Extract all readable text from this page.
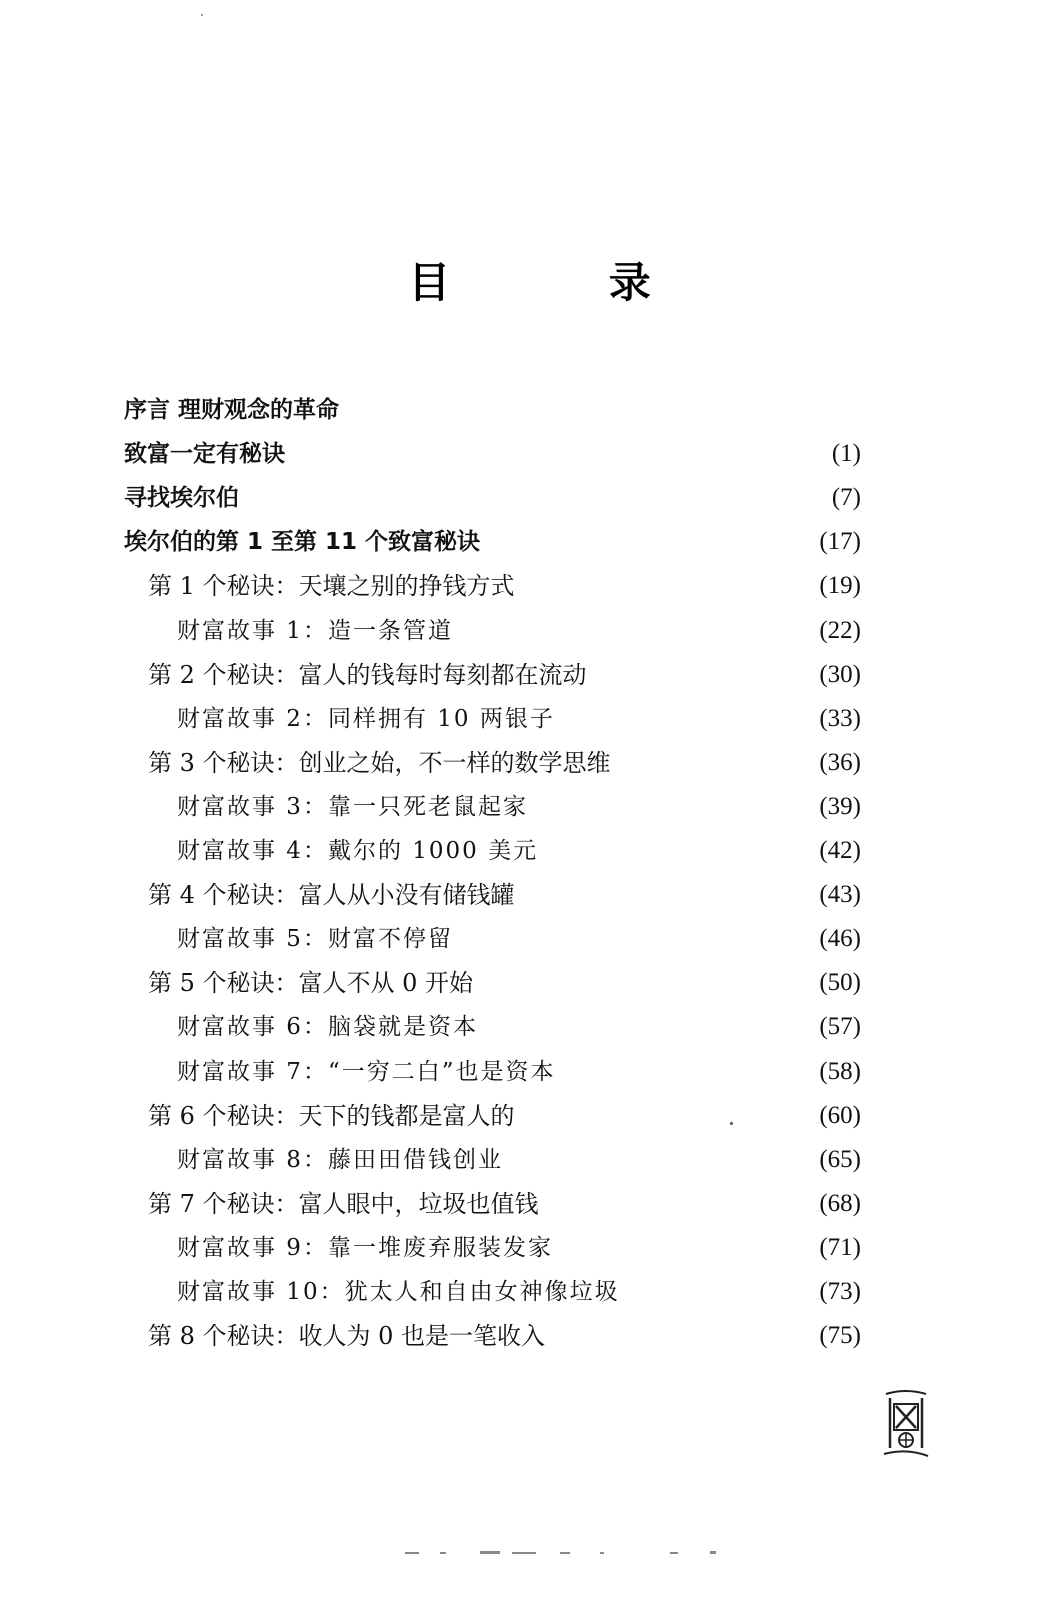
目 录
序言 理财观念的革命
致富一定有秘诀	(1)
寻找埃尔伯	(7)
埃尔伯的第 1 至第 11 个致富秘诀	(17)
第 1 个秘诀：天壤之别的挣钱方式	(19)
财富故事 1：造一条管道	(22)
第 2 个秘诀：富人的钱每时每刻都在流动	(30)
财富故事 2：同样拥有 10 两银子	(33)
第 3 个秘诀：创业之始，不一样的数学思维	(36)
财富故事 3：靠一只死老鼠起家	(39)
财富故事 4：戴尔的 1000 美元	(42)
第 4 个秘诀：富人从小没有储钱罐	(43)
财富故事 5：财富不停留	(46)
第 5 个秘诀：富人不从 0 开始	(50)
财富故事 6：脑袋就是资本	(57)
财富故事 7：“一穷二白”也是资本	(58)
第 6 个秘诀：天下的钱都是富人的	(60)
财富故事 8：藤田田借钱创业	(65)
第 7 个秘诀：富人眼中，垃圾也值钱	(68)
财富故事 9：靠一堆废弃服装发家	(71)
财富故事 10：犹太人和自由女神像垃圾	(73)
第 8 个秘诀：收人为 0 也是一笔收入	(75)
